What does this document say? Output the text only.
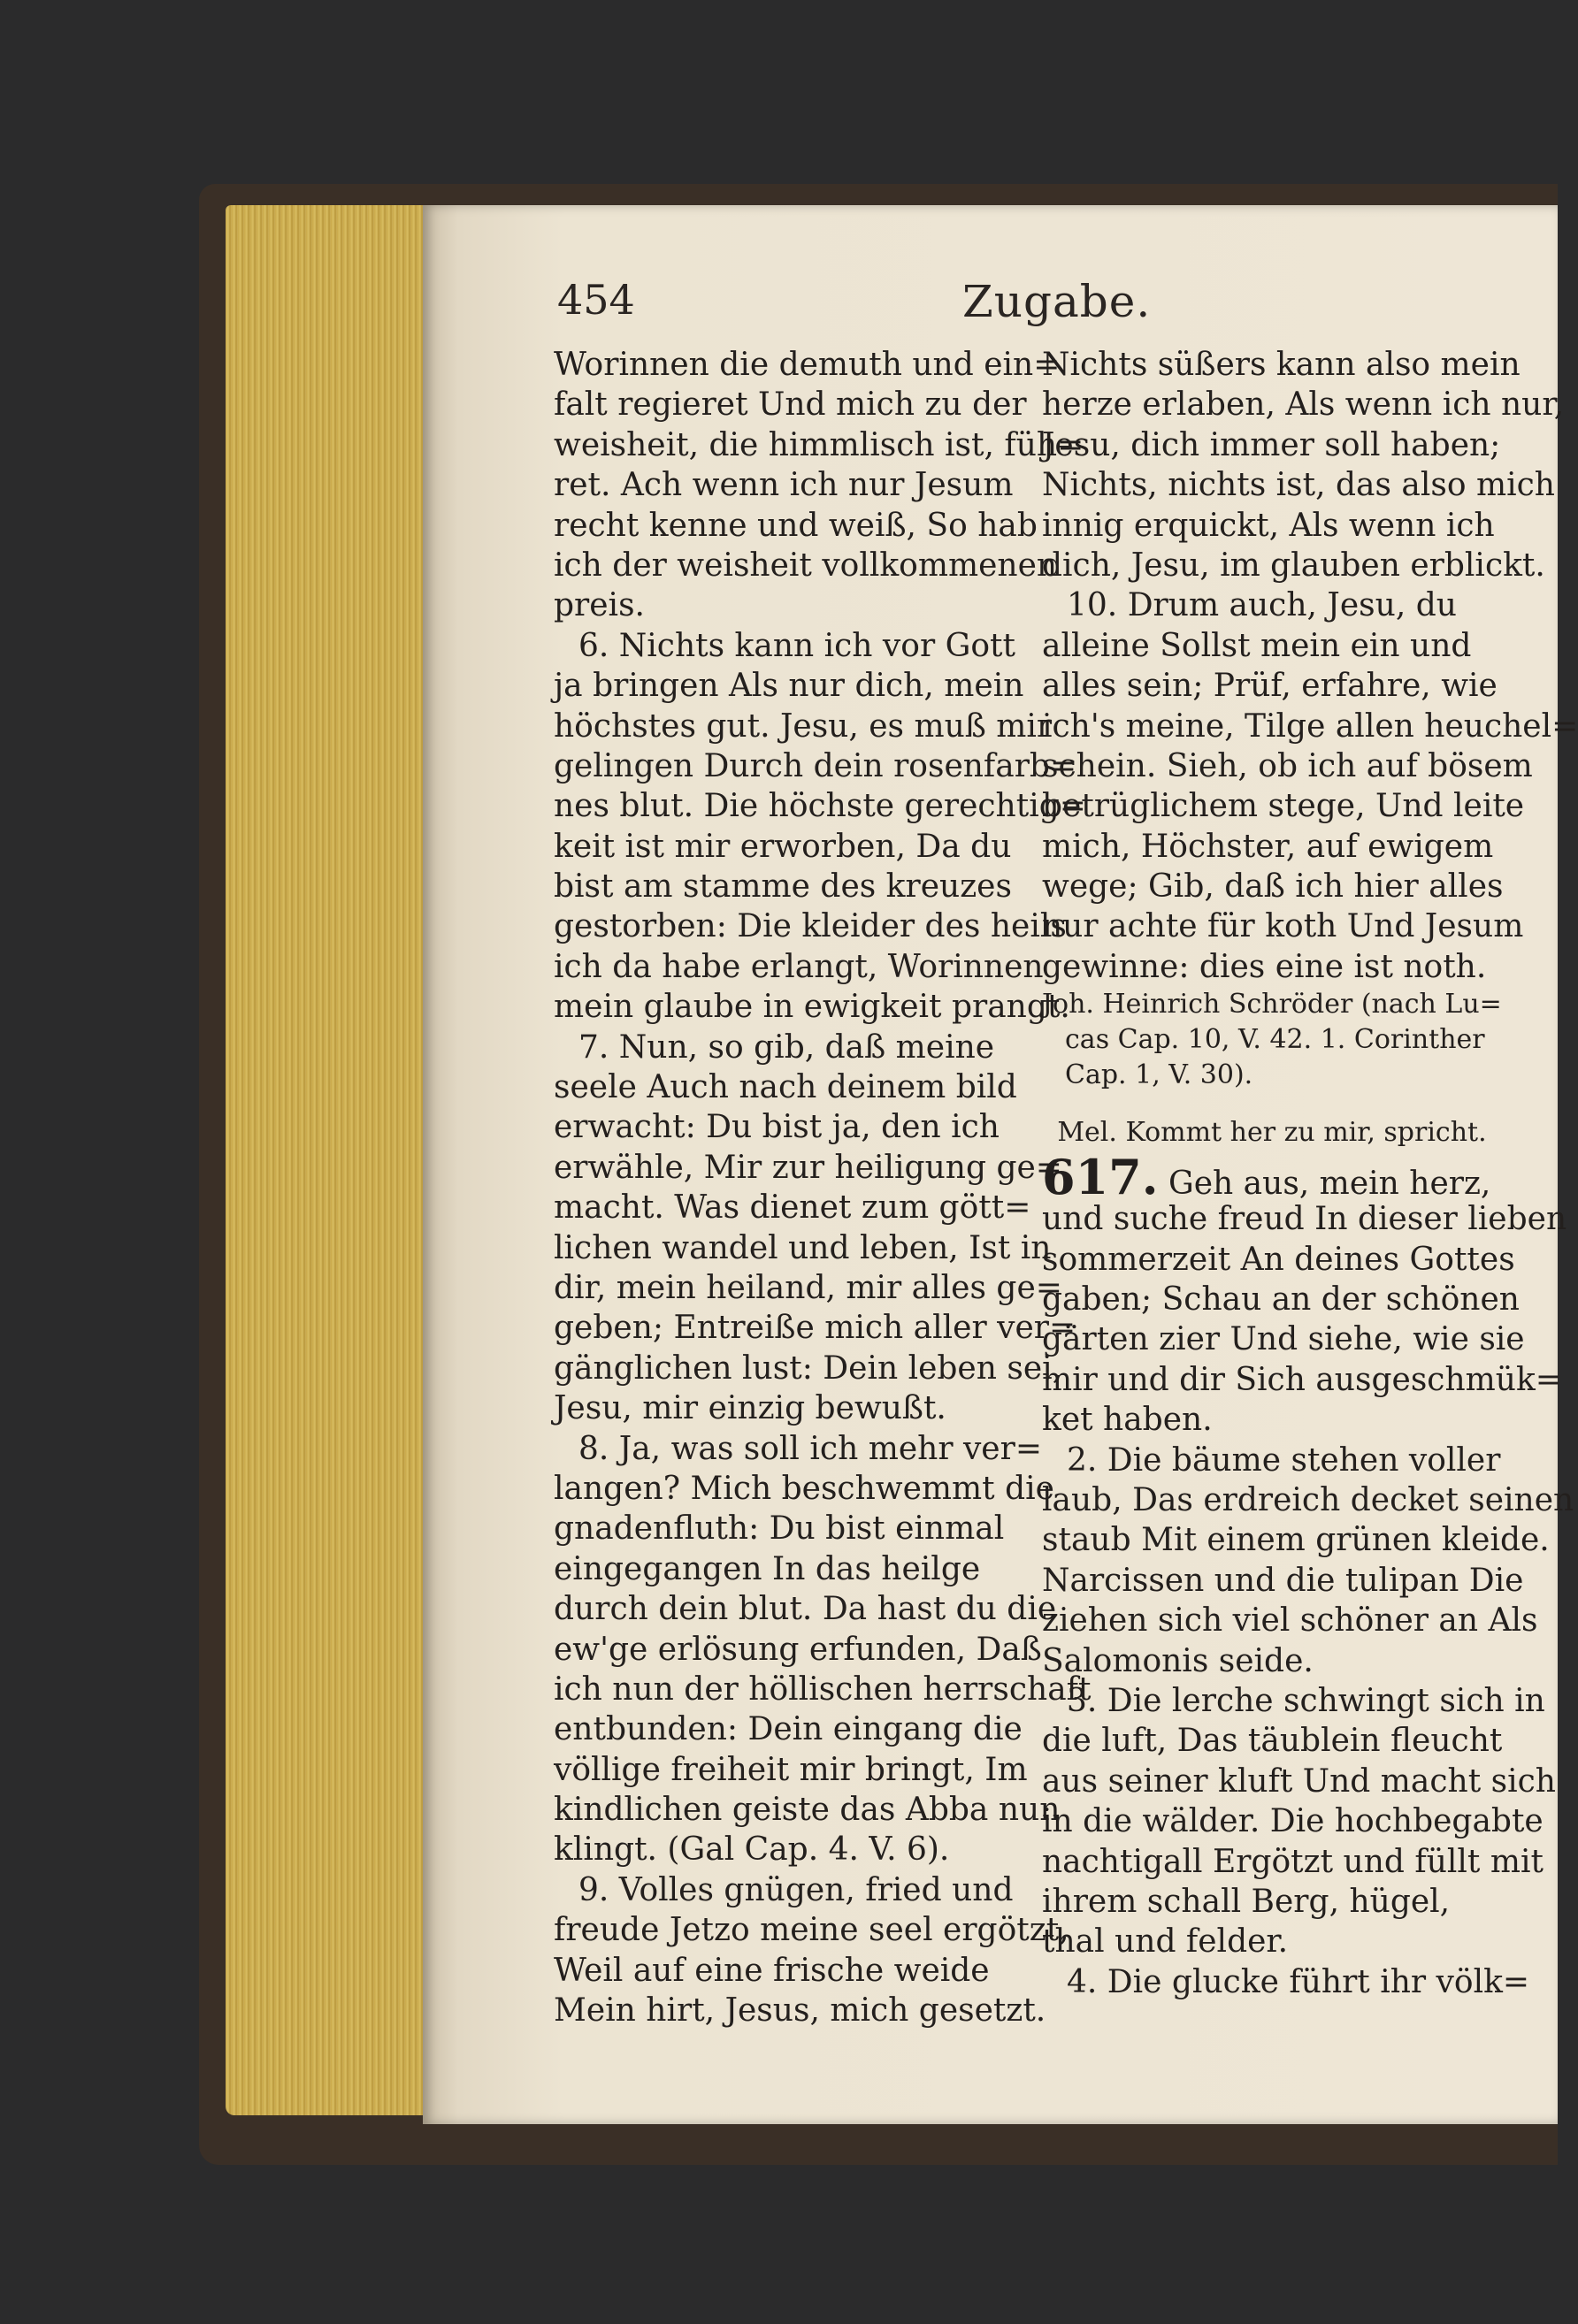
454	Zugabe.
Worinnen die demuth und ein=
falt regieret Und mich zu der
weisheit, die himmlisch ist, füh=
ret. Ach wenn ich nur Jesum
recht kenne und weiß, So hab
ich der weisheit vollkommenen
preis.
6. Nichts kann ich vor Gott
ja bringen Als nur dich, mein
höchstes gut. Jesu, es muß mir
gelingen Durch dein rosenfarb=
nes blut. Die höchste gerechtig=
keit ist mir erworben, Da du
bist am stamme des kreuzes
gestorben: Die kleider des heils
ich da habe erlangt, Worinnen
mein glaube in ewigkeit prangt.
7. Nun, so gib, daß meine
seele Auch nach deinem bild
erwacht: Du bist ja, den ich
erwähle, Mir zur heiligung ge=
macht. Was dienet zum gött=
lichen wandel und leben, Ist in
dir, mein heiland, mir alles ge=
geben; Entreiße mich aller ver=
gänglichen lust: Dein leben sei,
Jesu, mir einzig bewußt.
8. Ja, was soll ich mehr ver=
langen? Mich beschwemmt die
gnadenfluth: Du bist einmal
eingegangen In das heilge
durch dein blut. Da hast du die
ew'ge erlösung erfunden, Daß
ich nun der höllischen herrschaft
entbunden: Dein eingang die
völlige freiheit mir bringt, Im
kindlichen geiste das Abba nun
klingt. (Gal Cap. 4. V. 6).
9. Volles gnügen, fried und
freude Jetzo meine seel ergötzt,
Weil auf eine frische weide
Mein hirt, Jesus, mich gesetzt.
Nichts süßers kann also mein
herze erlaben, Als wenn ich nur,
Jesu, dich immer soll haben;
Nichts, nichts ist, das also mich
innig erquickt, Als wenn ich
dich, Jesu, im glauben erblickt.
10. Drum auch, Jesu, du
alleine Sollst mein ein und
alles sein; Prüf, erfahre, wie
ich's meine, Tilge allen heuchel=
schein. Sieh, ob ich auf bösem
betrüglichem stege, Und leite
mich, Höchster, auf ewigem
wege; Gib, daß ich hier alles
nur achte für koth Und Jesum
gewinne: dies eine ist noth.
Joh. Heinrich Schröder (nach Lu=
cas Cap. 10, V. 42. 1. Corinther
Cap. 1, V. 30).
Mel. Kommt her zu mir, spricht.
617. Geh aus, mein herz,
und suche freud In dieser lieben
sommerzeit An deines Gottes
gaben; Schau an der schönen
gärten zier Und siehe, wie sie
mir und dir Sich ausgeschmük=
ket haben.
2. Die bäume stehen voller
laub, Das erdreich decket seinen
staub Mit einem grünen kleide.
Narcissen und die tulipan Die
ziehen sich viel schöner an Als
Salomonis seide.
3. Die lerche schwingt sich in
die luft, Das täublein fleucht
aus seiner kluft Und macht sich
in die wälder. Die hochbegabte
nachtigall Ergötzt und füllt mit
ihrem schall Berg, hügel,
thal und felder.
4. Die glucke führt ihr völk=
